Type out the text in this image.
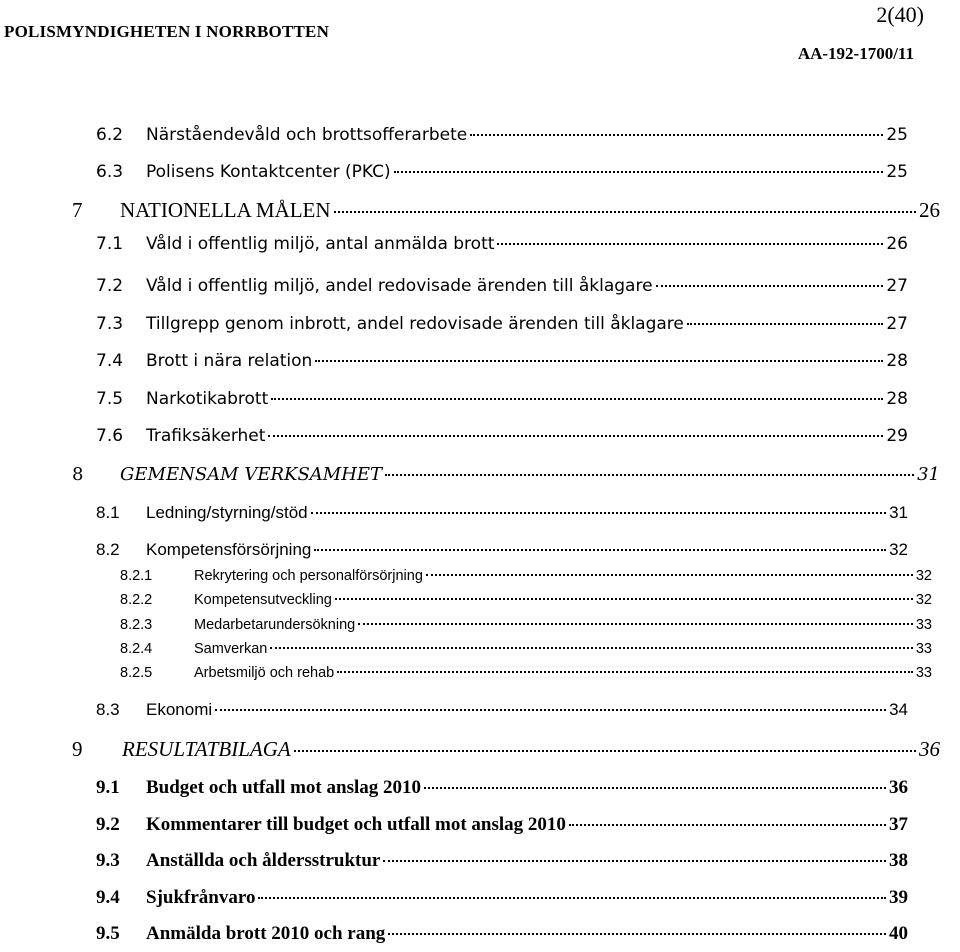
POLISMYNDIGHETEN I NORRBOTTEN
2(40)
AA-192-1700/11
6.2	Närståendevåld och brottsofferarbete	25
6.3	Polisens Kontaktcenter (PKC)	25
7	NATIONELLA MÅLEN	26
7.1	Våld i offentlig miljö, antal anmälda brott	26
7.2	Våld i offentlig miljö, andel redovisade ärenden till åklagare	27
7.3	Tillgrepp genom inbrott, andel redovisade ärenden till åklagare	27
7.4	Brott i nära relation	28
7.5	Narkotikabrott	28
7.6	Trafiksäkerhet	29
8	GEMENSAM VERKSAMHET	31
8.1	Ledning/styrning/stöd	31
8.2	Kompetensförsörjning	32
8.2.1	Rekrytering och personalförsörjning	32
8.2.2	Kompetensutveckling	32
8.2.3	Medarbetarundersökning	33
8.2.4	Samverkan	33
8.2.5	Arbetsmiljö och rehab	33
8.3	Ekonomi	34
9	RESULTATBILAGA	36
9.1	Budget och utfall mot anslag 2010	36
9.2	Kommentarer till budget och utfall mot anslag 2010	37
9.3	Anställda och åldersstruktur	38
9.4	Sjukfrånvaro	39
9.5	Anmälda brott 2010 och rang	40
